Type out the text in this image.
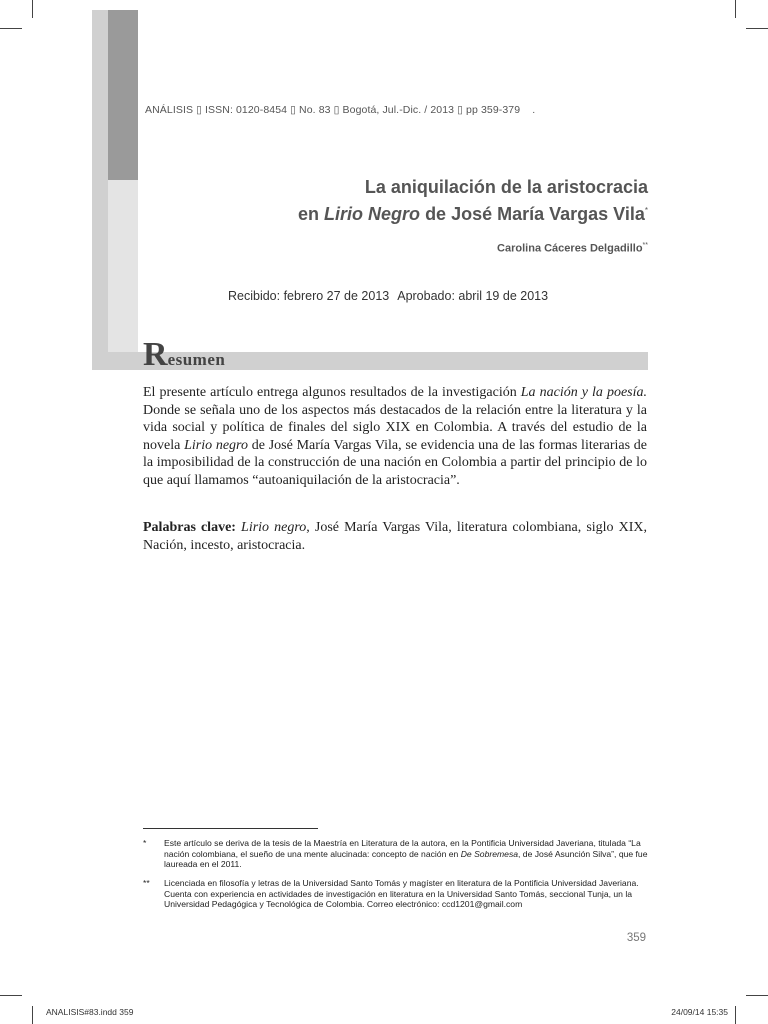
ANÁLISIS ▯ ISSN: 0120-8454 ▯ No. 83 ▯ Bogotá, Jul.-Dic. / 2013 ▯ pp 359-379 .
La aniquilación de la aristocracia
en Lirio Negro de José María Vargas Vila*
Carolina Cáceres Delgadillo**
Recibido: febrero 27 de 2013 Aprobado: abril 19 de 2013
Resumen
El presente artículo entrega algunos resultados de la investigación La nación y la poesía. Donde se señala uno de los aspectos más destacados de la relación entre la literatura y la vida social y política de finales del siglo XIX en Colombia. A través del estudio de la novela Lirio negro de José María Vargas Vila, se evidencia una de las formas literarias de la imposibilidad de la construcción de una nación en Colombia a partir del principio de lo que aquí llamamos “autoaniquilación de la aristocracia”.
Palabras clave: Lirio negro, José María Vargas Vila, literatura colombiana, siglo XIX, Nación, incesto, aristocracia.
* Este artículo se deriva de la tesis de la Maestría en Literatura de la autora, en la Pontificia Universidad Javeriana, titulada “La nación colombiana, el sueño de una mente alucinada: concepto de nación en De Sobremesa, de José Asunción Silva”, que fue laureada en el 2011.
** Licenciada en filosofía y letras de la Universidad Santo Tomás y magíster en literatura de la Pontificia Universidad Javeriana. Cuenta con experiencia en actividades de investigación en literatura en la Universidad Santo Tomás, seccional Tunja, un la Universidad Pedagógica y Tecnológica de Colombia. Correo electrónico: ccd1201@gmail.com
359
ANALISIS#83.indd 359	24/09/14 15:35
